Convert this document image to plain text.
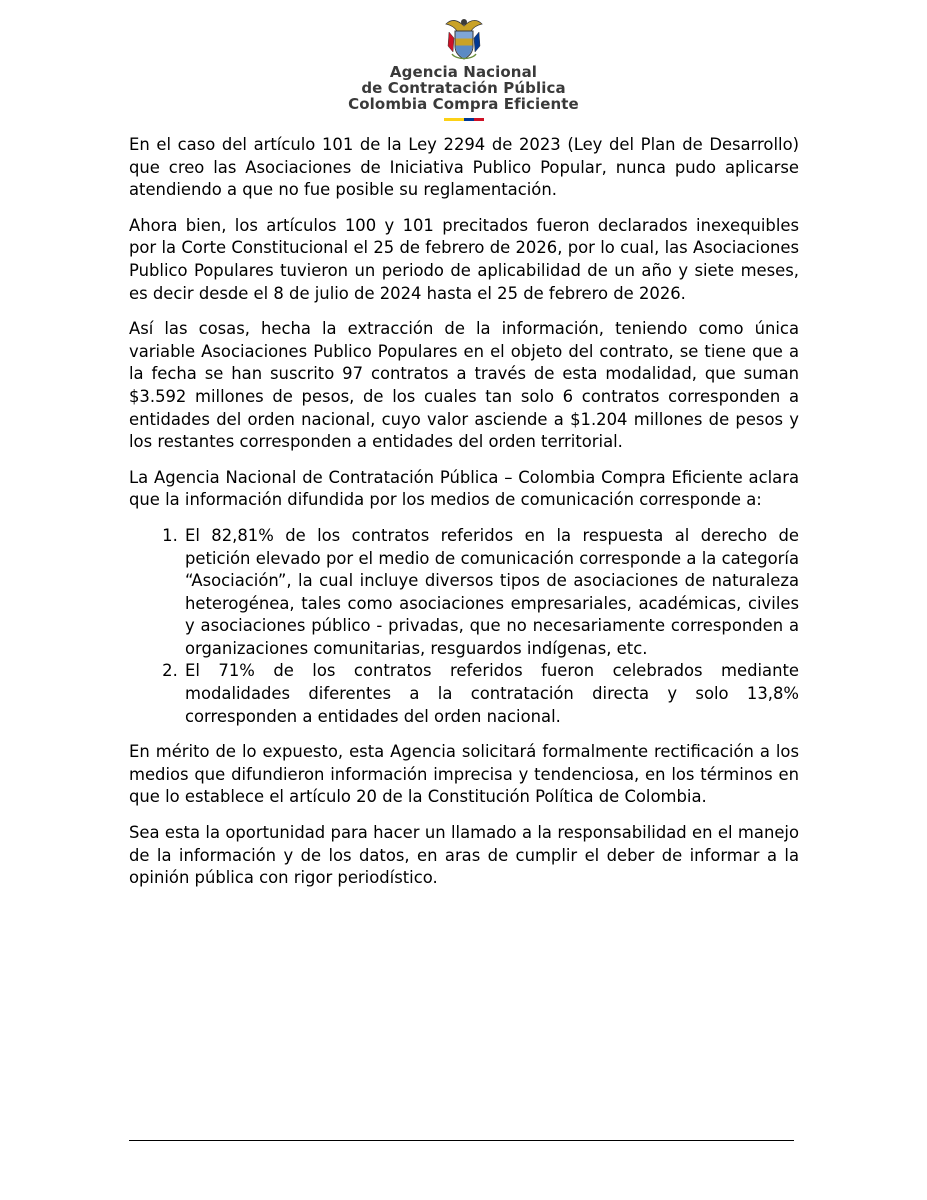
Agencia Nacional
de Contratación Pública
Colombia Compra Eficiente

En el caso del artículo 101 de la Ley 2294 de 2023 (Ley del Plan de Desarrollo) que creo las Asociaciones de Iniciativa Publico Popular, nunca pudo aplicarse atendiendo a que no fue posible su reglamentación.

Ahora bien, los artículos 100 y 101 precitados fueron declarados inexequibles por la Corte Constitucional el 25 de febrero de 2026, por lo cual, las Asociaciones Publico Populares tuvieron un periodo de aplicabilidad de un año y siete meses, es decir desde el 8 de julio de 2024 hasta el 25 de febrero de 2026.

Así las cosas, hecha la extracción de la información, teniendo como única variable Asociaciones Publico Populares en el objeto del contrato, se tiene que a la fecha se han suscrito 97 contratos a través de esta modalidad, que suman $3.592 millones de pesos, de los cuales tan solo 6 contratos corresponden a entidades del orden nacional, cuyo valor asciende a $1.204 millones de pesos y los restantes corresponden a entidades del orden territorial.

La Agencia Nacional de Contratación Pública – Colombia Compra Eficiente aclara que la información difundida por los medios de comunicación corresponde a:

1. El 82,81% de los contratos referidos en la respuesta al derecho de petición elevado por el medio de comunicación corresponde a la categoría “Asociación”, la cual incluye diversos tipos de asociaciones de naturaleza heterogénea, tales como asociaciones empresariales, académicas, civiles y asociaciones público - privadas, que no necesariamente corresponden a organizaciones comunitarias, resguardos indígenas, etc.
2. El 71% de los contratos referidos fueron celebrados mediante modalidades diferentes a la contratación directa y solo 13,8% corresponden a entidades del orden nacional.

En mérito de lo expuesto, esta Agencia solicitará formalmente rectificación a los medios que difundieron información imprecisa y tendenciosa, en los términos en que lo establece el artículo 20 de la Constitución Política de Colombia.

Sea esta la oportunidad para hacer un llamado a la responsabilidad en el manejo de la información y de los datos, en aras de cumplir el deber de informar a la opinión pública con rigor periodístico.
